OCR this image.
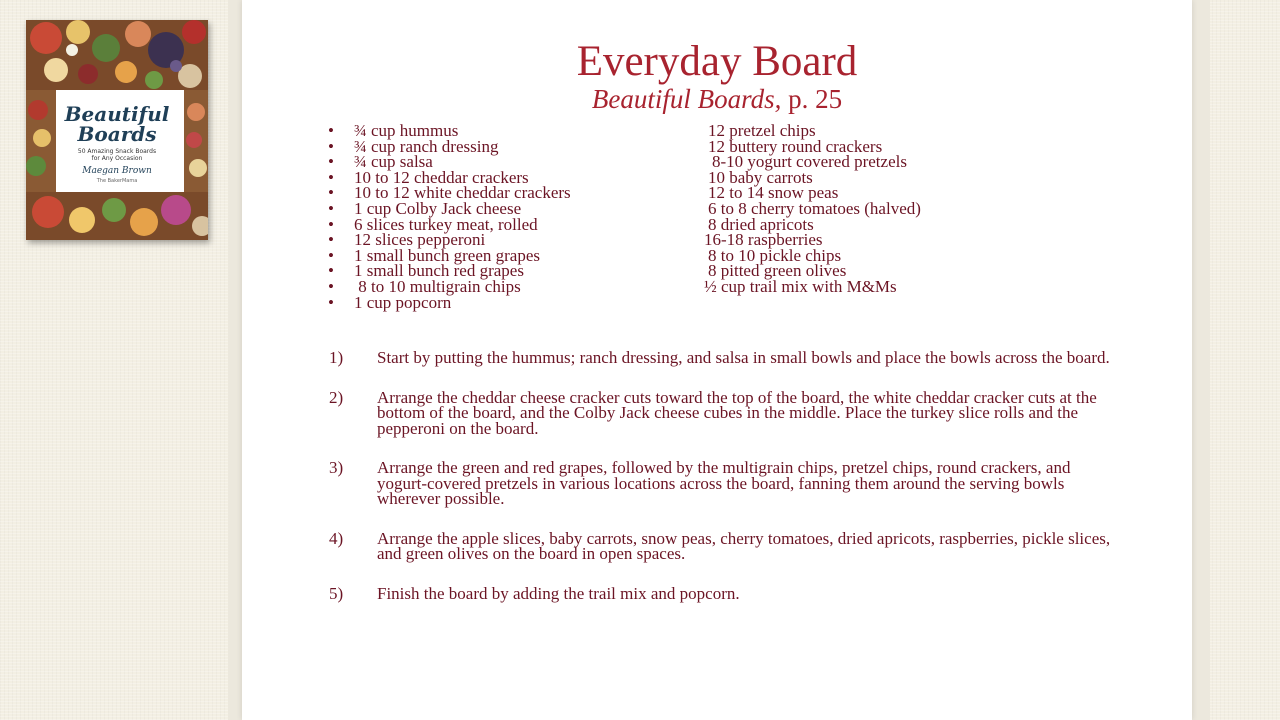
Beautiful
Boards
50 Amazing Snack Boards
for Any Occasion
Maegan Brown
The BakerMama
Everyday Board
Beautiful Boards, p. 25
• ¾ cup hummus
• ¾ cup ranch dressing
• ¾ cup salsa
• 10 to 12 cheddar crackers
• 10 to 12 white cheddar crackers
• 1 cup Colby Jack cheese
• 6 slices turkey meat, rolled
• 12 slices pepperoni
• 1 small bunch green grapes
• 1 small bunch red grapes
• 8 to 10 multigrain chips
• 1 cup popcorn
12 pretzel chips
12 buttery round crackers
8-10 yogurt covered pretzels
10 baby carrots
12 to 14 snow peas
6 to 8 cherry tomatoes (halved)
8 dried apricots
16-18 raspberries
8 to 10 pickle chips
8 pitted green olives
½ cup trail mix with M&Ms
1) Start by putting the hummus; ranch dressing, and salsa in small bowls and place the bowls across the board.
2) Arrange the cheddar cheese cracker cuts toward the top of the board, the white cheddar cracker cuts at the bottom of the board, and the Colby Jack cheese cubes in the middle. Place the turkey slice rolls and the pepperoni on the board.
3) Arrange the green and red grapes, followed by the multigrain chips, pretzel chips, round crackers, and yogurt-covered pretzels in various locations across the board, fanning them around the serving bowls wherever possible.
4) Arrange the apple slices, baby carrots, snow peas, cherry tomatoes, dried apricots, raspberries, pickle slices, and green olives on the board in open spaces.
5) Finish the board by adding the trail mix and popcorn.
